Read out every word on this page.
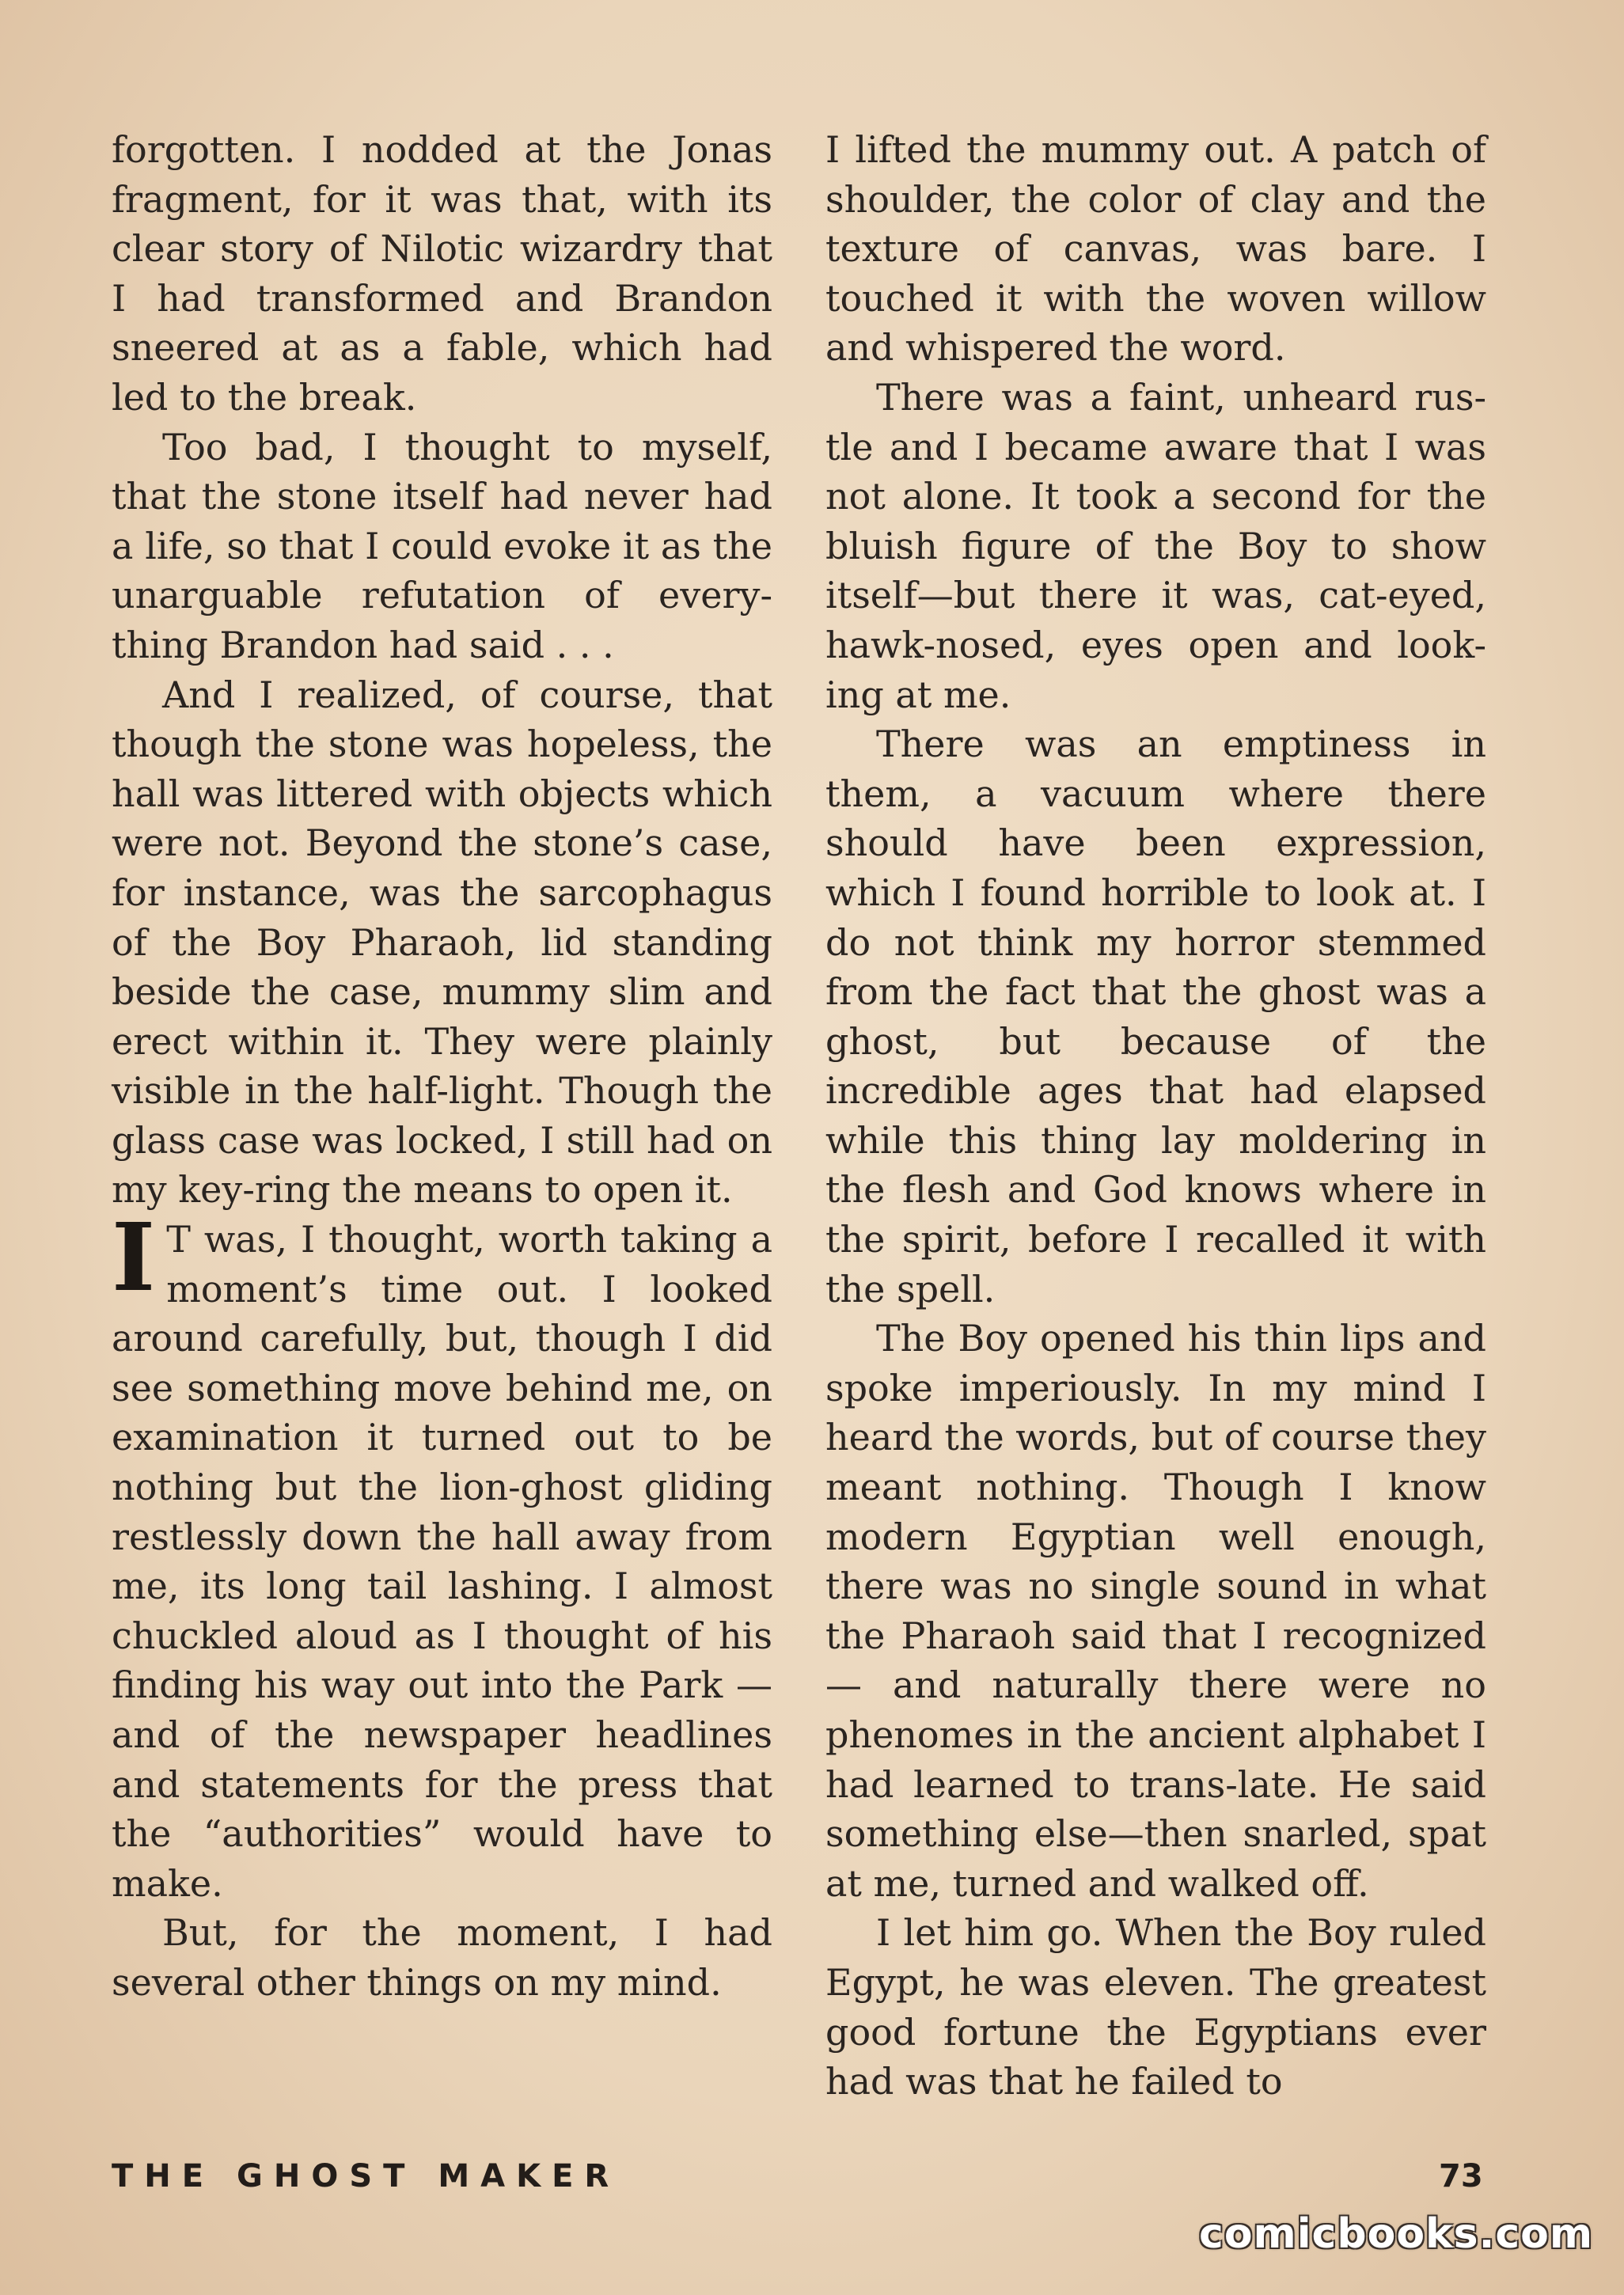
forgotten. I nodded at the Jonas fragment, for it was that, with its clear story of Nilotic wizardry that I had transformed and Brandon sneered at as a fable, which had led to the break.

Too bad, I thought to myself, that the stone itself had never had a life, so that I could evoke it as the unarguable refutation of every-thing Brandon had said . . .

And I realized, of course, that though the stone was hopeless, the hall was littered with objects which were not. Beyond the stone’s case, for instance, was the sarcophagus of the Boy Pharaoh, lid standing beside the case, mummy slim and erect within it. They were plainly visible in the half-light. Though the glass case was locked, I still had on my key-ring the means to open it.

I T was, I thought, worth taking a moment’s time out. I looked around carefully, but, though I did see something move behind me, on examination it turned out to be nothing but the lion-ghost gliding restlessly down the hall away from me, its long tail lashing. I almost chuckled aloud as I thought of his finding his way out into the Park —and of the newspaper headlines and statements for the press that the “authorities” would have to make.

But, for the moment, I had several other things on my mind.

I lifted the mummy out. A patch of shoulder, the color of clay and the texture of canvas, was bare. I touched it with the woven willow and whispered the word.

There was a faint, unheard rus-tle and I became aware that I was not alone. It took a second for the bluish figure of the Boy to show itself—but there it was, cat-eyed, hawk-nosed, eyes open and look-ing at me.

There was an emptiness in them, a vacuum where there should have been expression, which I found horrible to look at. I do not think my horror stemmed from the fact that the ghost was a ghost, but because of the incredible ages that had elapsed while this thing lay moldering in the flesh and God knows where in the spirit, before I recalled it with the spell.

The Boy opened his thin lips and spoke imperiously. In my mind I heard the words, but of course they meant nothing. Though I know modern Egyptian well enough, there was no single sound in what the Pharaoh said that I recognized — and naturally there were no phenomes in the ancient alphabet I had learned to trans-late. He said something else—then snarled, spat at me, turned and walked off.

I let him go. When the Boy ruled Egypt, he was eleven. The greatest good fortune the Egyptians ever had was that he failed to

THE GHOST MAKER	73
comicbooks.com
